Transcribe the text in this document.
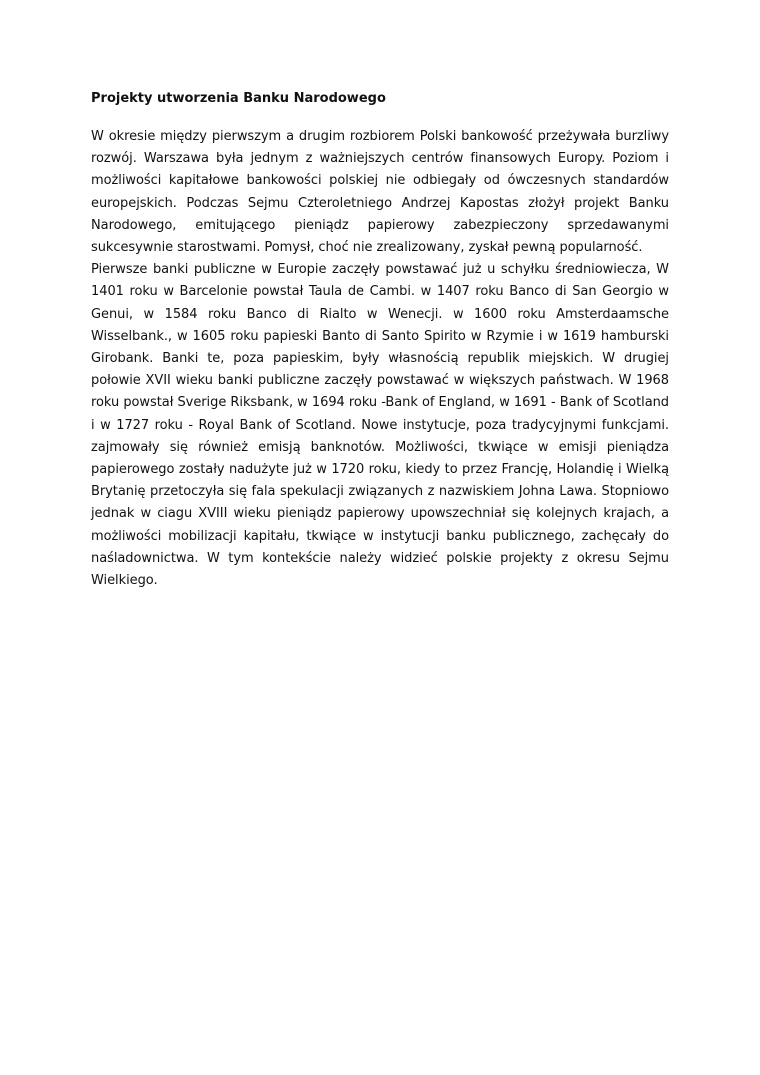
Projekty utworzenia Banku Narodowego

W okresie między pierwszym a drugim rozbiorem Polski bankowość przeżywała burzliwy rozwój. Warszawa była jednym z ważniejszych centrów finansowych Europy. Poziom i możliwości kapitałowe bankowości polskiej nie odbiegały od ówczesnych standardów europejskich. Podczas Sejmu Czteroletniego Andrzej Kapostas złożył projekt Banku Narodowego, emitującego pieniądz papierowy zabezpieczony sprzedawanymi sukcesywnie starostwami. Pomysł, choć nie zrealizowany, zyskał pewną popularność.

Pierwsze banki publiczne w Europie zaczęły powstawać już u schyłku średniowiecza, W 1401 roku w Barcelonie powstał Taula de Cambi. w 1407 roku Banco di San Georgio w Genui, w 1584 roku Banco di Rialto w Wenecji. w 1600 roku Amsterdaamsche Wisselbank., w 1605 roku papieski Banto di Santo Spirito w Rzymie i w 1619 hamburski Girobank. Banki te, poza papieskim, były własnością republik miejskich. W drugiej połowie XVII wieku banki publiczne zaczęły powstawać w większych państwach. W 1968 roku powstał Sverige Riksbank, w 1694 roku -Bank of England, w 1691 - Bank of Scotland i w 1727 roku - Royal Bank of Scotland. Nowe instytucje, poza tradycyjnymi funkcjami. zajmowały się również emisją banknotów. Możliwości, tkwiące w emisji pieniądza papierowego zostały nadużyte już w 1720 roku, kiedy to przez Francję, Holandię i Wielką Brytanię przetoczyła się fala spekulacji związanych z nazwiskiem Johna Lawa. Stopniowo jednak w ciagu XVIII wieku pieniądz papierowy upowszechniał się kolejnych krajach, a możliwości mobilizacji kapitału, tkwiące w instytucji banku publicznego, zachęcały do naśladownictwa. W tym kontekście należy widzieć polskie projekty z okresu Sejmu Wielkiego.
